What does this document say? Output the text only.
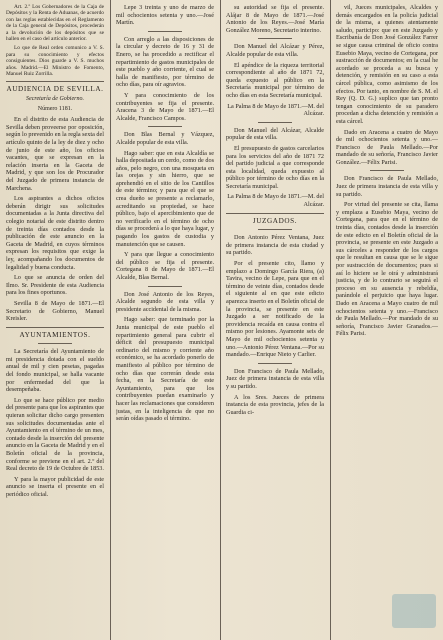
Art. 2.º Los Gobernadores de la Caja de Depósitos y la Renta de Aduanas, de acuerdo con las reglas establecidas en el Reglamento de la Caja general de Depósitos, procederán a la devolución de los depósitos que se hallen en el caso del artículo anterior.

Lo que de Real orden comunico a V. S. para su conocimiento y efectos consiguientes. Dios guarde a V. S. muchos años. Madrid.—El Ministro de Fomento, Manuel Ruiz Zorrilla.

AUDIENCIA DE SEVILLA.
Secretaría de Gobierno.
Número 1181.

En el distrito de esta Audiencia de Sevilla deben proveerse por oposición, según lo prevenido en la regla sexta del artículo quinto de la ley de diez y ocho de junio de este año, los oficios vacantes, que se expresan en la relación inserta en la Gaceta de Madrid, y que son los de Procurador del Juzgado de primera instancia de Marchena.

Los aspirantes a dichos oficios deberán dirigir sus solicitudes documentadas a la Junta directiva del colegio notarial de este distrito dentro de treinta días contados desde la publicación de este anuncio en la Gaceta de Madrid, en cuyos términos expresan los requisitos que exige la ley, acompañando los documentos de legalidad y buena conducta.

Lo que se anuncia de orden del Ilmo. Sr. Presidente de esta Audiencia para los fines oportunos.

Sevilla 8 de Mayo de 1871.—El Secretario de Gobierno, Manuel Kreisler.

AYUNTAMIENTOS.

La Secretaría del Ayuntamiento de mi presidencia dotada con el sueldo anual de mil y cien pesetas, pagadas del fondo municipal, se halla vacante por enfermedad del que la desempeñaba.

Lo que se hace público por medio del presente para que los aspirantes que quieran solicitar dicho cargo presenten sus solicitudes documentadas ante el Ayuntamiento en el término de un mes, contado desde la inserción del presente anuncio en la Gaceta de Madrid y en el Boletín oficial de la provincia, conforme se previene en el art. 2.º del Real decreto de 19 de Octubre de 1853.

Y para la mayor publicidad de este anuncio se inserta el presente en el periódico oficial.

Lepe 3 treinta y uno de marzo de mil ochocientos setenta y uno.—José Martín.

Con arreglo a las disposiciones de la circular y decreto de 16 y 31 de Enero, se ha procedido a rectificar el repartimiento de gastos municipales de este pueblo y año corriente, el cual se halla de manifiesto, por término de ocho días, para oír agravios.

Y para conocimiento de los contribuyentes se fija el presente. Aracena 3 de Mayo de 1871.—El Alcalde, Francisco Campos.

Don Blas Bernal y Vázquez, Alcalde popular de esta villa.

Hago saber: que en esta Alcaldía se halla depositada un cerdo, como de dos años, pelo negro, con una mosqueta en las orejas y sin hierro, que se aprehendió en el sitio de los Cantillos de este término; y para que el que se crea dueño se presente a reclamarlo, acreditando su propiedad, se hace público, bajo el apercibimiento que de no verificarlo en el término de ocho días se procederá a lo que haya lugar, y pagando los gastos de custodia y manutención que se causen.

Y para que llegue a conocimiento del público se fija el presente. Cortegana 8 de Mayo de 1871.—El Alcalde, Blas Bernal.

Don José Antonio de los Reyes, Alcalde segundo de esta villa y presidente accidental de la misma.

Hago saber: que terminado por la Junta municipal de este pueblo el repartimiento general para cubrir el déficit del presupuesto municipal ordinario del mismo y corriente año económico, se ha acordado ponerlo de manifiesto al público por término de ocho días que correrán desde esta fecha, en la Secretaría de este Ayuntamiento, para que los contribuyentes puedan examinarlo y hacer las reclamaciones que consideren justas, en la inteligencia de que no serán oídas pasado el término.

su autoridad se fija el presente. Alájar 8 de Mayo de 1871.—José Antonio de los Reyes.—José María González Moreno, Secretario interino.

Don Manuel del Alcázar y Pérez, Alcalde popular de esta villa.

El apéndice de la riqueza territorial correspondiente al año de 1871 72, queda expuesto al público en la Secretaría municipal por término de ocho días en esta Secretaría municipal.

La Palma 8 de Mayo de 1871.—M. del Alcázar.

Don Manuel del Alcázar, Alcalde popular de esta villa.

El presupuesto de gastos carcelarios para los servicios del año de 1871 72 del partido judicial a que corresponde esta localidad, queda expuesto al público por término de ocho días en la Secretaría municipal.

La Palma 8 de Mayo de 1871.—M. del Alcázar.

JUZGADOS.

Don Antonio Pérez Ventana, Juez de primera instancia de esta ciudad y su partido.

Por el presente cito, llamo y emplazo a Domingo García Riera, (a) Tavira, vecino de Lepe, para que en el término de veinte días, contados desde el siguiente al en que este edicto aparezca inserto en el Boletín oficial de la provincia, se presente en este Juzgado a ser notificado de la providencia recaída en causa contra el mismo por lesiones. Ayamonte seis de Mayo de mil ochocientos setenta y uno.—Antonio Pérez Ventana.—Por su mandado.—Enrique Nieto y Carlier.

Don Francisco de Paula Mellado, Juez de primera instancia de esta villa y su partido.

A los Sres. Jueces de primera instancia de esta provincia, jefes de la Guardia ci-

vil, Jueces municipales, Alcaldes y demás encargados en la policía judicial de la misma, a quienes atentamente saludo, participo: que en este Juzgado y Escribanía de Don José González Farrer se sigue causa criminal de oficio contra Eusebio Maya, vecino de Cortegana, por sustracción de documentos; en la cual he acordado se proceda a su busca y detención, y remisión en su caso a esta cárcel pública, como asimismo de los efectos. Por tanto, en nombre de S. M. el Rey (Q. D. G.) suplico que tan pronto tengan conocimiento de su paradero procedan a dicha detención y remisión a esta cárcel.

Dado en Aracena a cuatro de Mayo de mil ochocientos setenta y uno.—Francisco de Paula Mellado.—Por mandado de su señoría, Francisco Javier González.—Félix Parisi.

Don Francisco de Paula Mellado, Juez de primera instancia de esta villa y su partido.

Por virtud del presente se cita, llama y emplaza a Eusebio Maya, vecino de Cortegana, para que en el término de treinta días, contados desde la inserción de este edicto en el Boletín oficial de la provincia, se presente en este Juzgado a sus cárceles a responder de los cargos que le resultan en causa que se le sigue por sustracción de documentos; pues si así lo hiciere se le oirá y administrará justicia, y de lo contrario se seguirá el proceso en su ausencia y rebeldía, parándole el perjuicio que haya lugar. Dado en Aracena a Mayo cuatro de mil ochocientos setenta y uno.—Francisco de Paula Mellado.—Por mandado de su señoría, Francisco Javier Granados.—Félix Parisi.
